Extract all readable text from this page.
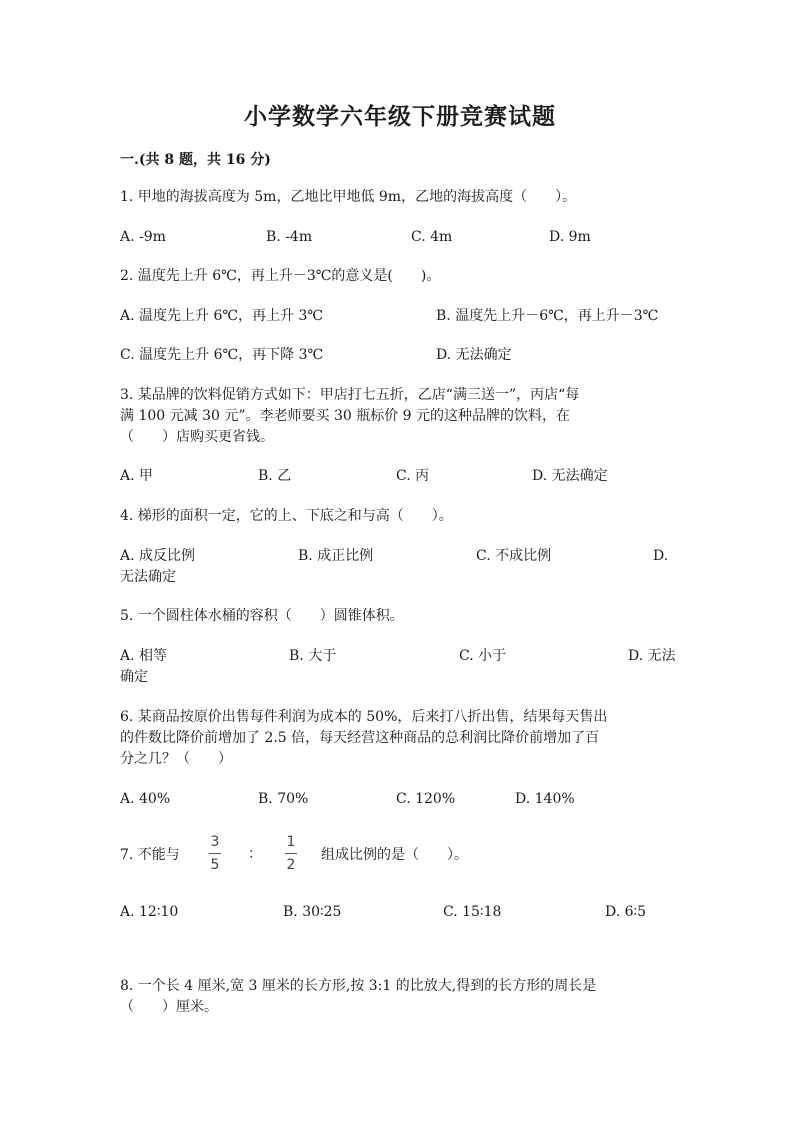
小学数学六年级下册竞赛试题
一.(共 8 题，共 16 分)
1. 甲地的海拔高度为 5m，乙地比甲地低 9m，乙地的海拔高度（　　）。
A. -9m	B. -4m	C. 4m	D. 9m
2. 温度先上升 6℃，再上升－3℃的意义是(　　)。
A. 温度先上升 6℃，再上升 3℃	B. 温度先上升－6℃，再上升－3℃
C. 温度先上升 6℃，再下降 3℃	D. 无法确定
3. 某品牌的饮料促销方式如下：甲店打七五折，乙店“满三送一”，丙店“每
满 100 元减 30 元”。李老师要买 30 瓶标价 9 元的这种品牌的饮料，在
（　　）店购买更省钱。
A. 甲	B. 乙	C. 丙	D. 无法确定
4. 梯形的面积一定，它的上、下底之和与高（　　）。
A. 成反比例	B. 成正比例	C. 不成比例	D.
无法确定
5. 一个圆柱体水桶的容积（　　）圆锥体积。
A. 相等	B. 大于	C. 小于	D. 无法
确定
6. 某商品按原价出售每件利润为成本的 50%，后来打八折出售，结果每天售出
的件数比降价前增加了 2.5 倍，每天经营这种商品的总利润比降价前增加了百
分之几？（　　）
A. 40%	B. 70%	C. 120%	D. 140%
7. 不能与
3
5
：
1
2
组成比例的是（　　）。
A. 12∶10	B. 30∶25	C. 15∶18	D. 6∶5
8. 一个长 4 厘米,宽 3 厘米的长方形,按 3:1 的比放大,得到的长方形的周长是
（　　）厘米。
